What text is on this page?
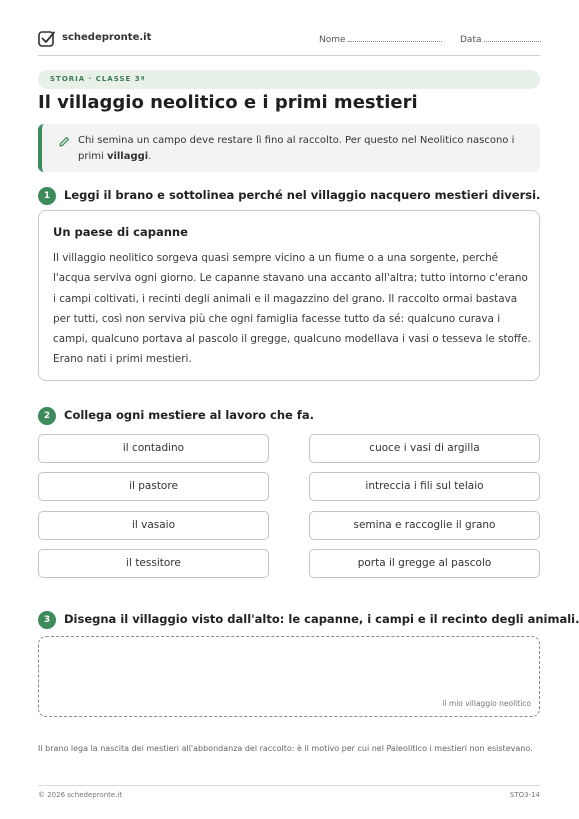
schedepronte.it	Nome	Data
STORIA · CLASSE 3ª
Il villaggio neolitico e i primi mestieri
Chi semina un campo deve restare lì fino al raccolto. Per questo nel Neolitico nascono i primi villaggi.
1	Leggi il brano e sottolinea perché nel villaggio nacquero mestieri diversi.
Un paese di capanne
Il villaggio neolitico sorgeva quasi sempre vicino a un fiume o a una sorgente, perché l'acqua serviva ogni giorno. Le capanne stavano una accanto all'altra; tutto intorno c'erano i campi coltivati, i recinti degli animali e il magazzino del grano. Il raccolto ormai bastava per tutti, così non serviva più che ogni famiglia facesse tutto da sé: qualcuno curava i campi, qualcuno portava al pascolo il gregge, qualcuno modellava i vasi o tesseva le stoffe. Erano nati i primi mestieri.
2	Collega ogni mestiere al lavoro che fa.
il contadino
il pastore
il vasaio
il tessitore
cuoce i vasi di argilla
intreccia i fili sul telaio
semina e raccoglie il grano
porta il gregge al pascolo
3	Disegna il villaggio visto dall'alto: le capanne, i campi e il recinto degli animali.
il mio villaggio neolitico
Il brano lega la nascita dei mestieri all'abbondanza del raccolto: è il motivo per cui nel Paleolitico i mestieri non esistevano.
© 2026 schedepronte.it	STO3-14
